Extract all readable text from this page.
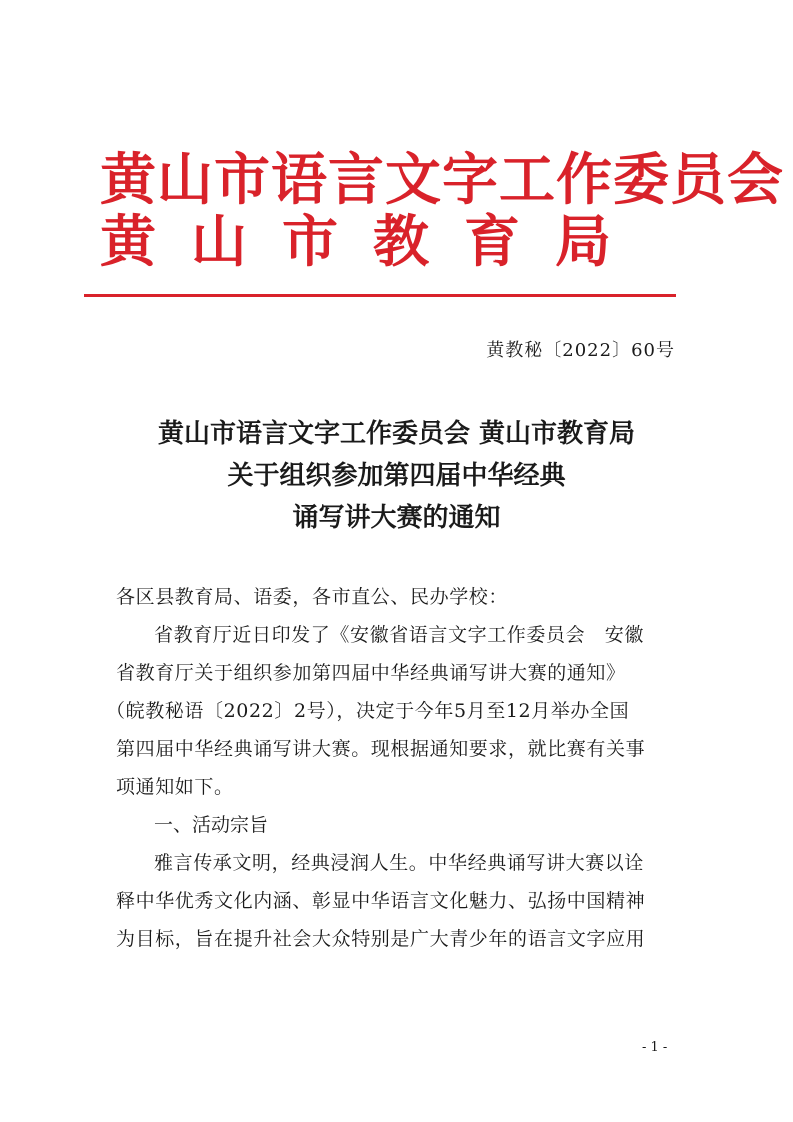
黄山市语言文字工作委员会
黄山市教育局
黄教秘〔2022〕60号
黄山市语言文字工作委员会 黄山市教育局
关于组织参加第四届中华经典
诵写讲大赛的通知
各区县教育局、语委，各市直公、民办学校：
省教育厅近日印发了《安徽省语言文字工作委员会　安徽
省教育厅关于组织参加第四届中华经典诵写讲大赛的通知》
（皖教秘语〔2022〕2号），决定于今年5月至12月举办全国
第四届中华经典诵写讲大赛。现根据通知要求，就比赛有关事
项通知如下。
一、活动宗旨
雅言传承文明，经典浸润人生。中华经典诵写讲大赛以诠
释中华优秀文化内涵、彰显中华语言文化魅力、弘扬中国精神
为目标，旨在提升社会大众特别是广大青少年的语言文字应用
- 1 -
